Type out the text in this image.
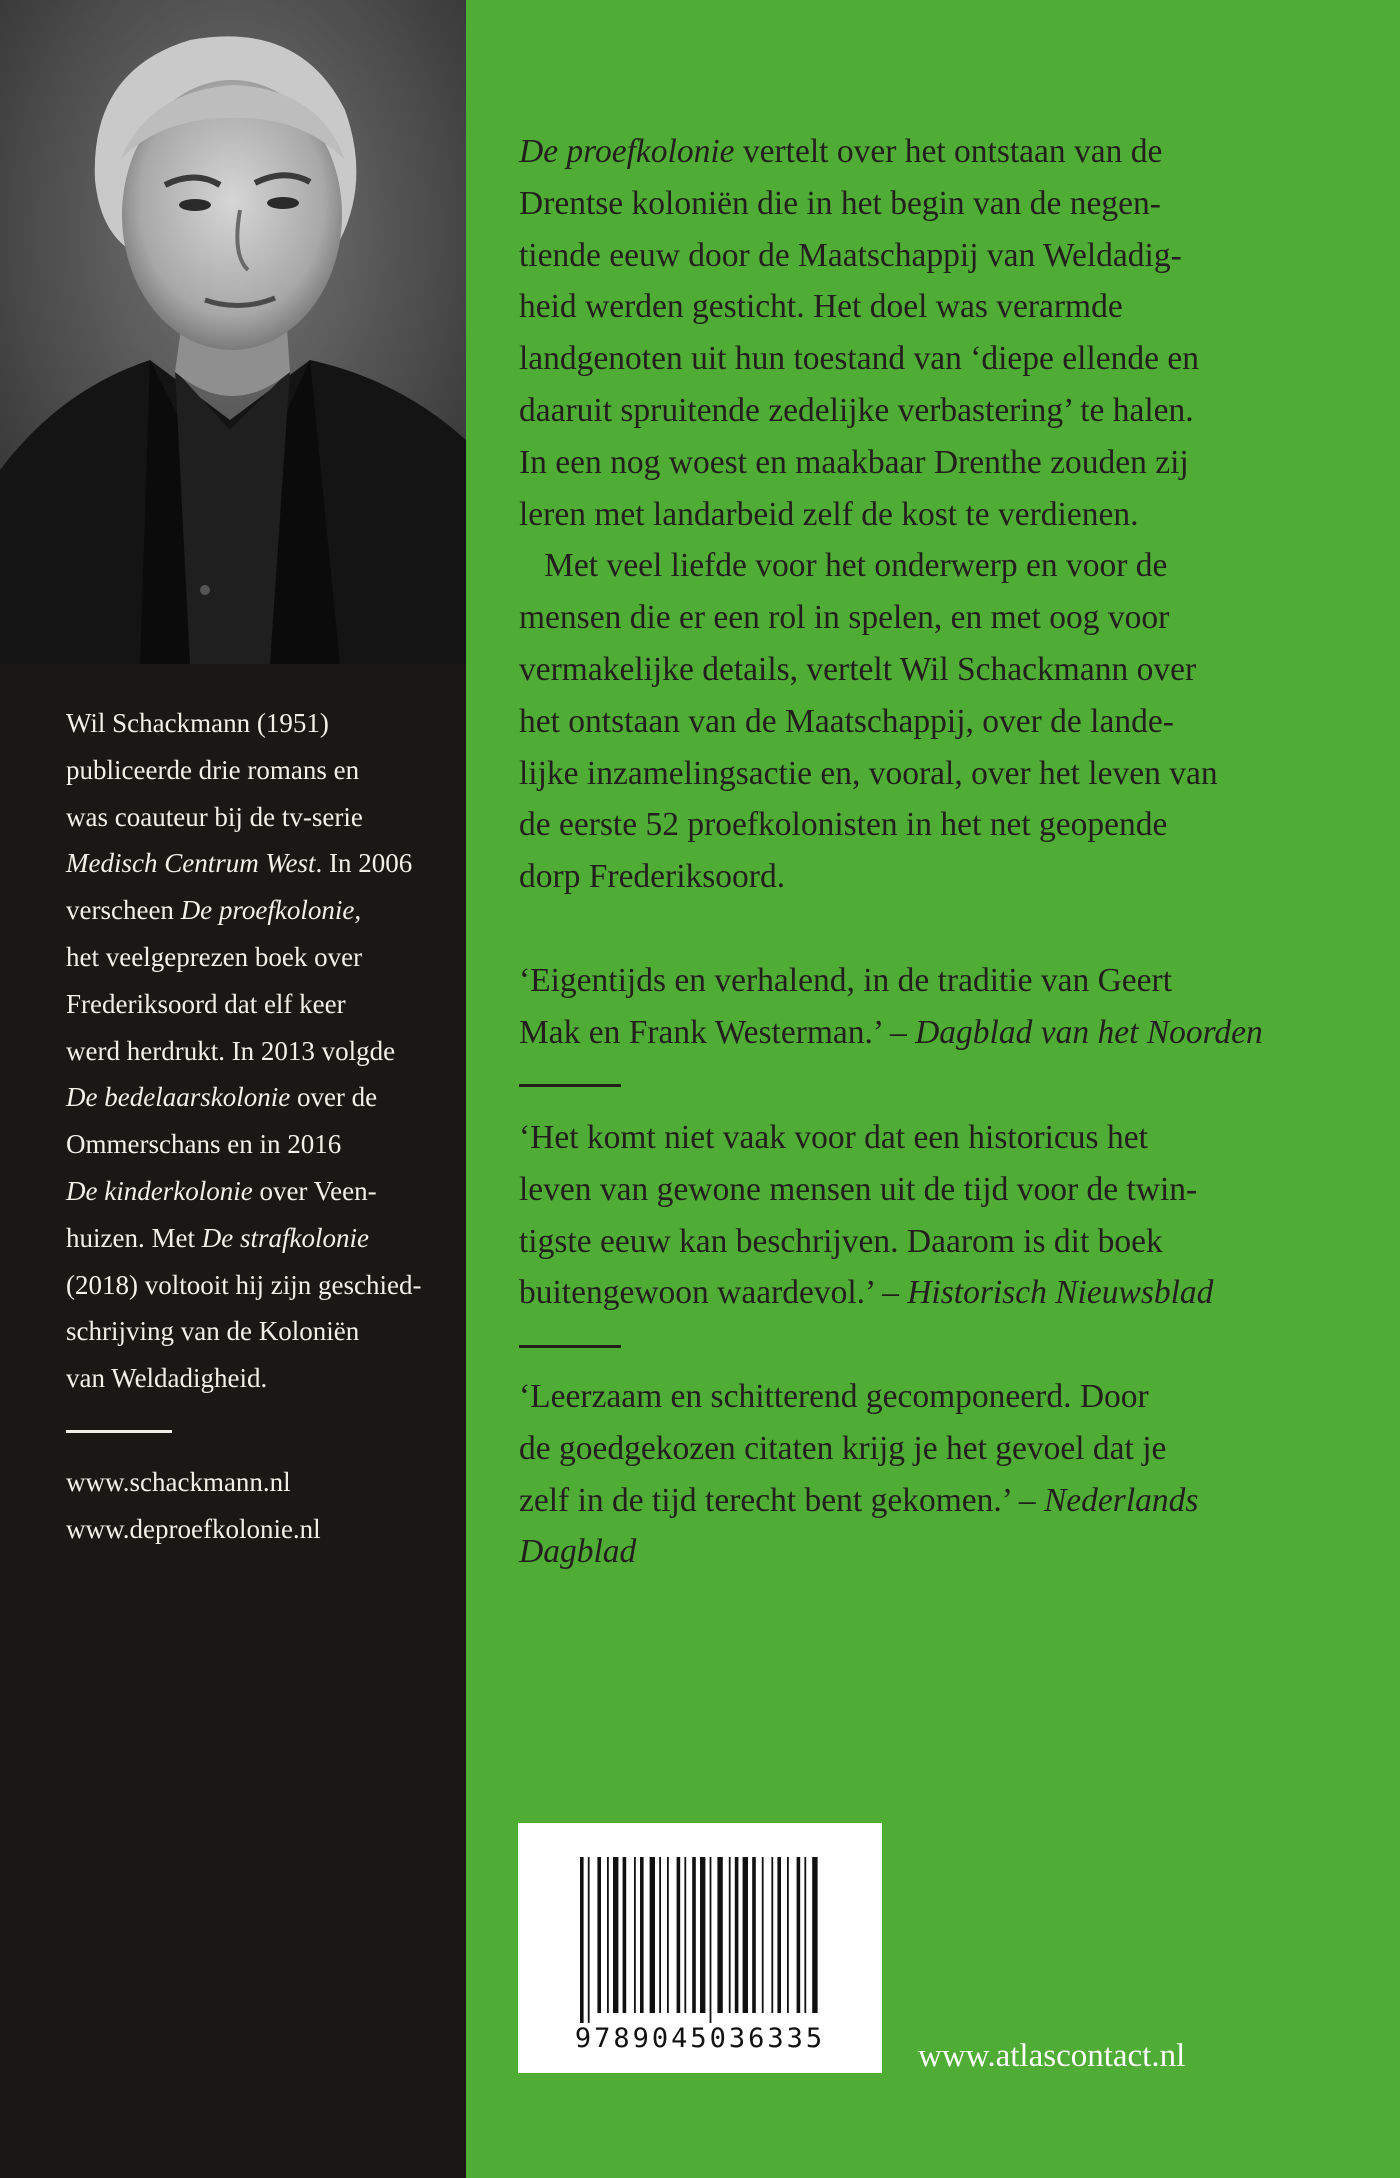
Wil Schackmann (1951)
publiceerde drie romans en
was coauteur bij de tv-serie
Medisch Centrum West. In 2006
verscheen De proefkolonie,
het veelgeprezen boek over
Frederiksoord dat elf keer
werd herdrukt. In 2013 volgde
De bedelaarskolonie over de
Ommerschans en in 2016
De kinderkolonie over Veen-
huizen. Met De strafkolonie
(2018) voltooit hij zijn geschied-
schrijving van de Koloniën
van Weldadigheid.
www.schackmann.nl
www.deproefkolonie.nl
De proefkolonie vertelt over het ontstaan van de
Drentse koloniën die in het begin van de negen-
tiende eeuw door de Maatschappij van Weldadig-
heid werden gesticht. Het doel was verarmde
landgenoten uit hun toestand van ‘diepe ellende en
daaruit spruitende zedelijke verbastering’ te halen.
In een nog woest en maakbaar Drenthe zouden zij
leren met landarbeid zelf de kost te verdienen.
Met veel liefde voor het onderwerp en voor de
mensen die er een rol in spelen, en met oog voor
vermakelijke details, vertelt Wil Schackmann over
het ontstaan van de Maatschappij, over de lande-
lijke inzamelingsactie en, vooral, over het leven van
de eerste 52 proefkolonisten in het net geopende
dorp Frederiksoord.
‘Eigentijds en verhalend, in de traditie van Geert
Mak en Frank Westerman.’ – Dagblad van het Noorden
‘Het komt niet vaak voor dat een historicus het
leven van gewone mensen uit de tijd voor de twin-
tigste eeuw kan beschrijven. Daarom is dit boek
buitengewoon waardevol.’ – Historisch Nieuwsblad
‘Leerzaam en schitterend gecomponeerd. Door
de goedgekozen citaten krijg je het gevoel dat je
zelf in de tijd terecht bent gekomen.’ – Nederlands
Dagblad
9789045036335	www.atlascontact.nl
